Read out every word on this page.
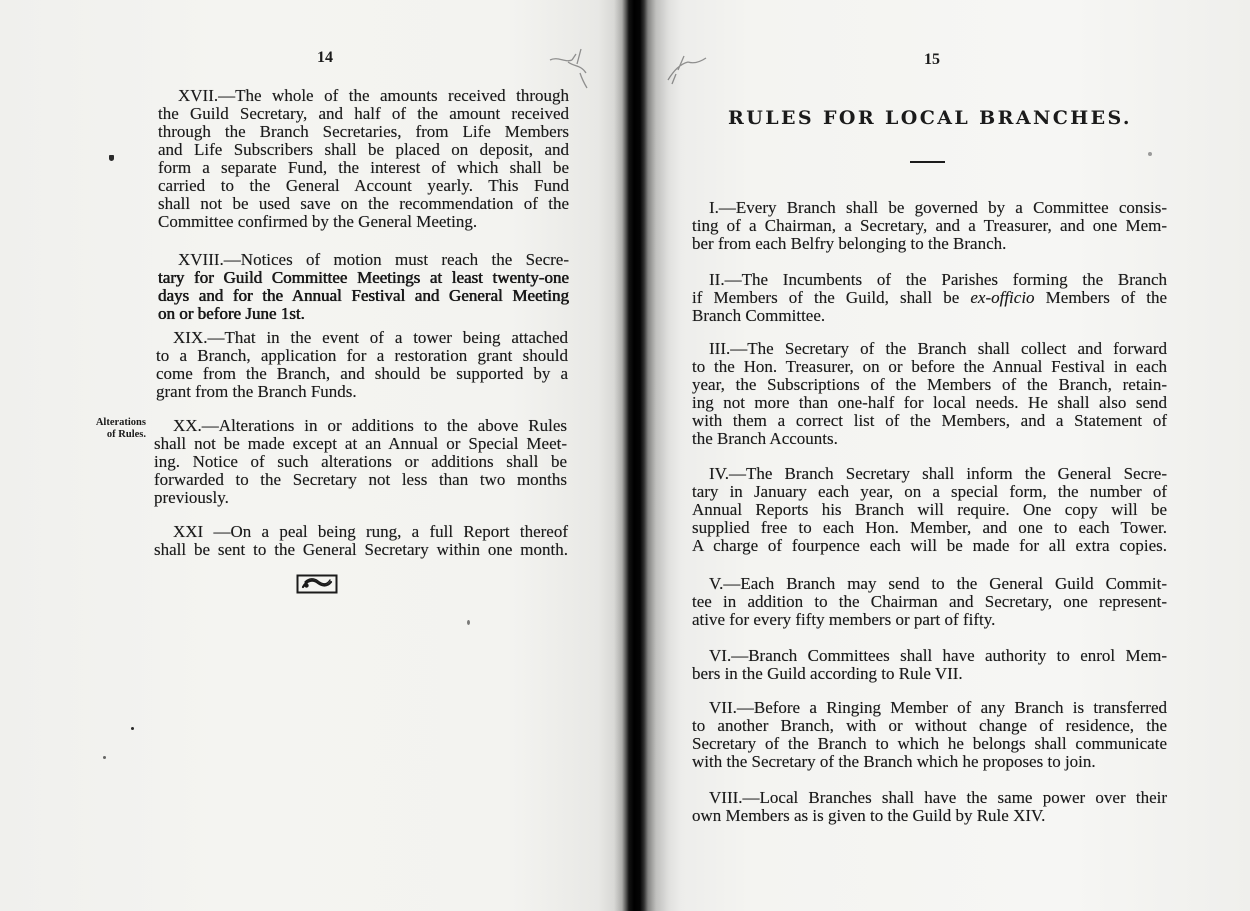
14
XVII.—The whole of the amounts received through
the Guild Secretary, and half of the amount received
through the Branch Secretaries, from Life Members
and Life Subscribers shall be placed on deposit, and
form a separate Fund, the interest of which shall be
carried to the General Account yearly. This Fund
shall not be used save on the recommendation of the
Committee confirmed by the General Meeting.
XVIII.—Notices of motion must reach the Secre-
tary for Guild Committee Meetings at least twenty-one
days and for the Annual Festival and General Meeting
on or before June 1st.
XIX.—That in the event of a tower being attached
to a Branch, application for a restoration grant should
come from the Branch, and should be supported by a
grant from the Branch Funds.
Alterations
of Rules.	XX.—Alterations in or additions to the above Rules
shall not be made except at an Annual or Special Meet-
ing. Notice of such alterations or additions shall be
forwarded to the Secretary not less than two months
previously.
XXI —On a peal being rung, a full Report thereof
shall be sent to the General Secretary within one month.
15
RULES FOR LOCAL BRANCHES.
I.—Every Branch shall be governed by a Committee consis-
ting of a Chairman, a Secretary, and a Treasurer, and one Mem-
ber from each Belfry belonging to the Branch.
II.—The Incumbents of the Parishes forming the Branch
if Members of the Guild, shall be ex-officio Members of the
Branch Committee.
III.—The Secretary of the Branch shall collect and forward
to the Hon. Treasurer, on or before the Annual Festival in each
year, the Subscriptions of the Members of the Branch, retain-
ing not more than one-half for local needs. He shall also send
with them a correct list of the Members, and a Statement of
the Branch Accounts.
IV.—The Branch Secretary shall inform the General Secre-
tary in January each year, on a special form, the number of
Annual Reports his Branch will require. One copy will be
supplied free to each Hon. Member, and one to each Tower.
A charge of fourpence each will be made for all extra copies.
V.—Each Branch may send to the General Guild Commit-
tee in addition to the Chairman and Secretary, one represent-
ative for every fifty members or part of fifty.
VI.—Branch Committees shall have authority to enrol Mem-
bers in the Guild according to Rule VII.
VII.—Before a Ringing Member of any Branch is transferred
to another Branch, with or without change of residence, the
Secretary of the Branch to which he belongs shall communicate
with the Secretary of the Branch which he proposes to join.
VIII.—Local Branches shall have the same power over their
own Members as is given to the Guild by Rule XIV.
